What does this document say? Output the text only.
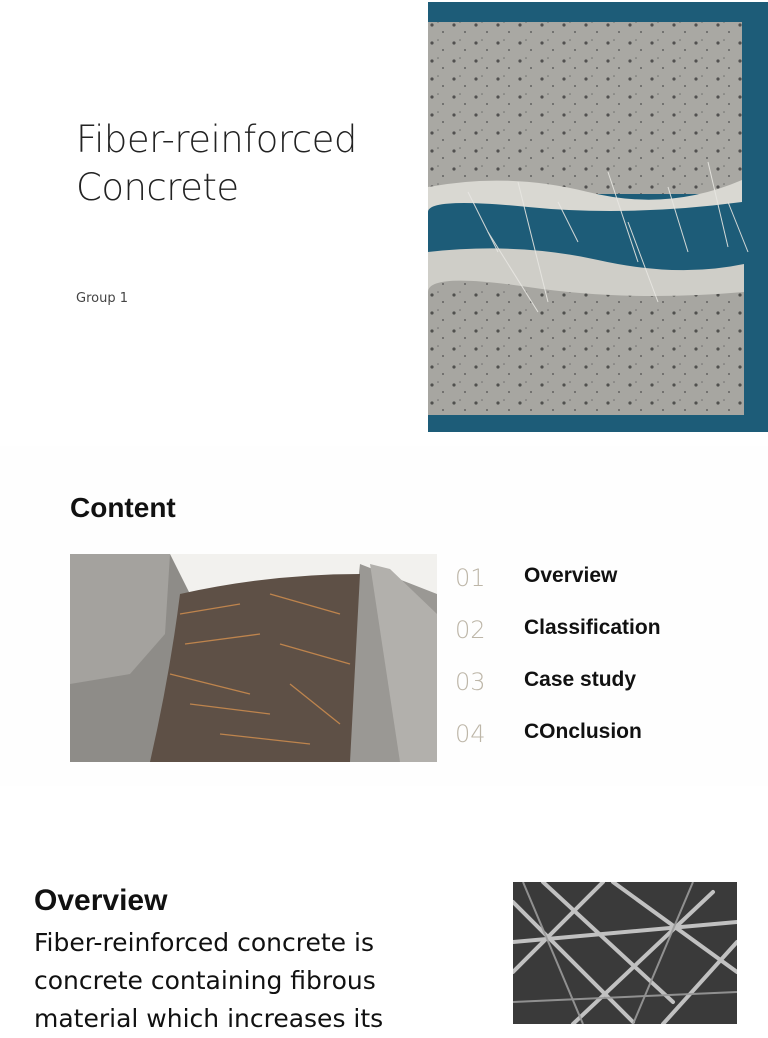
Fiber-reinforced Concrete
Group 1
Content
01	Overview
02	Classification
03	Case study
04	COnclusion
Overview

Fiber-reinforced concrete is concrete containing fibrous material which increases its
